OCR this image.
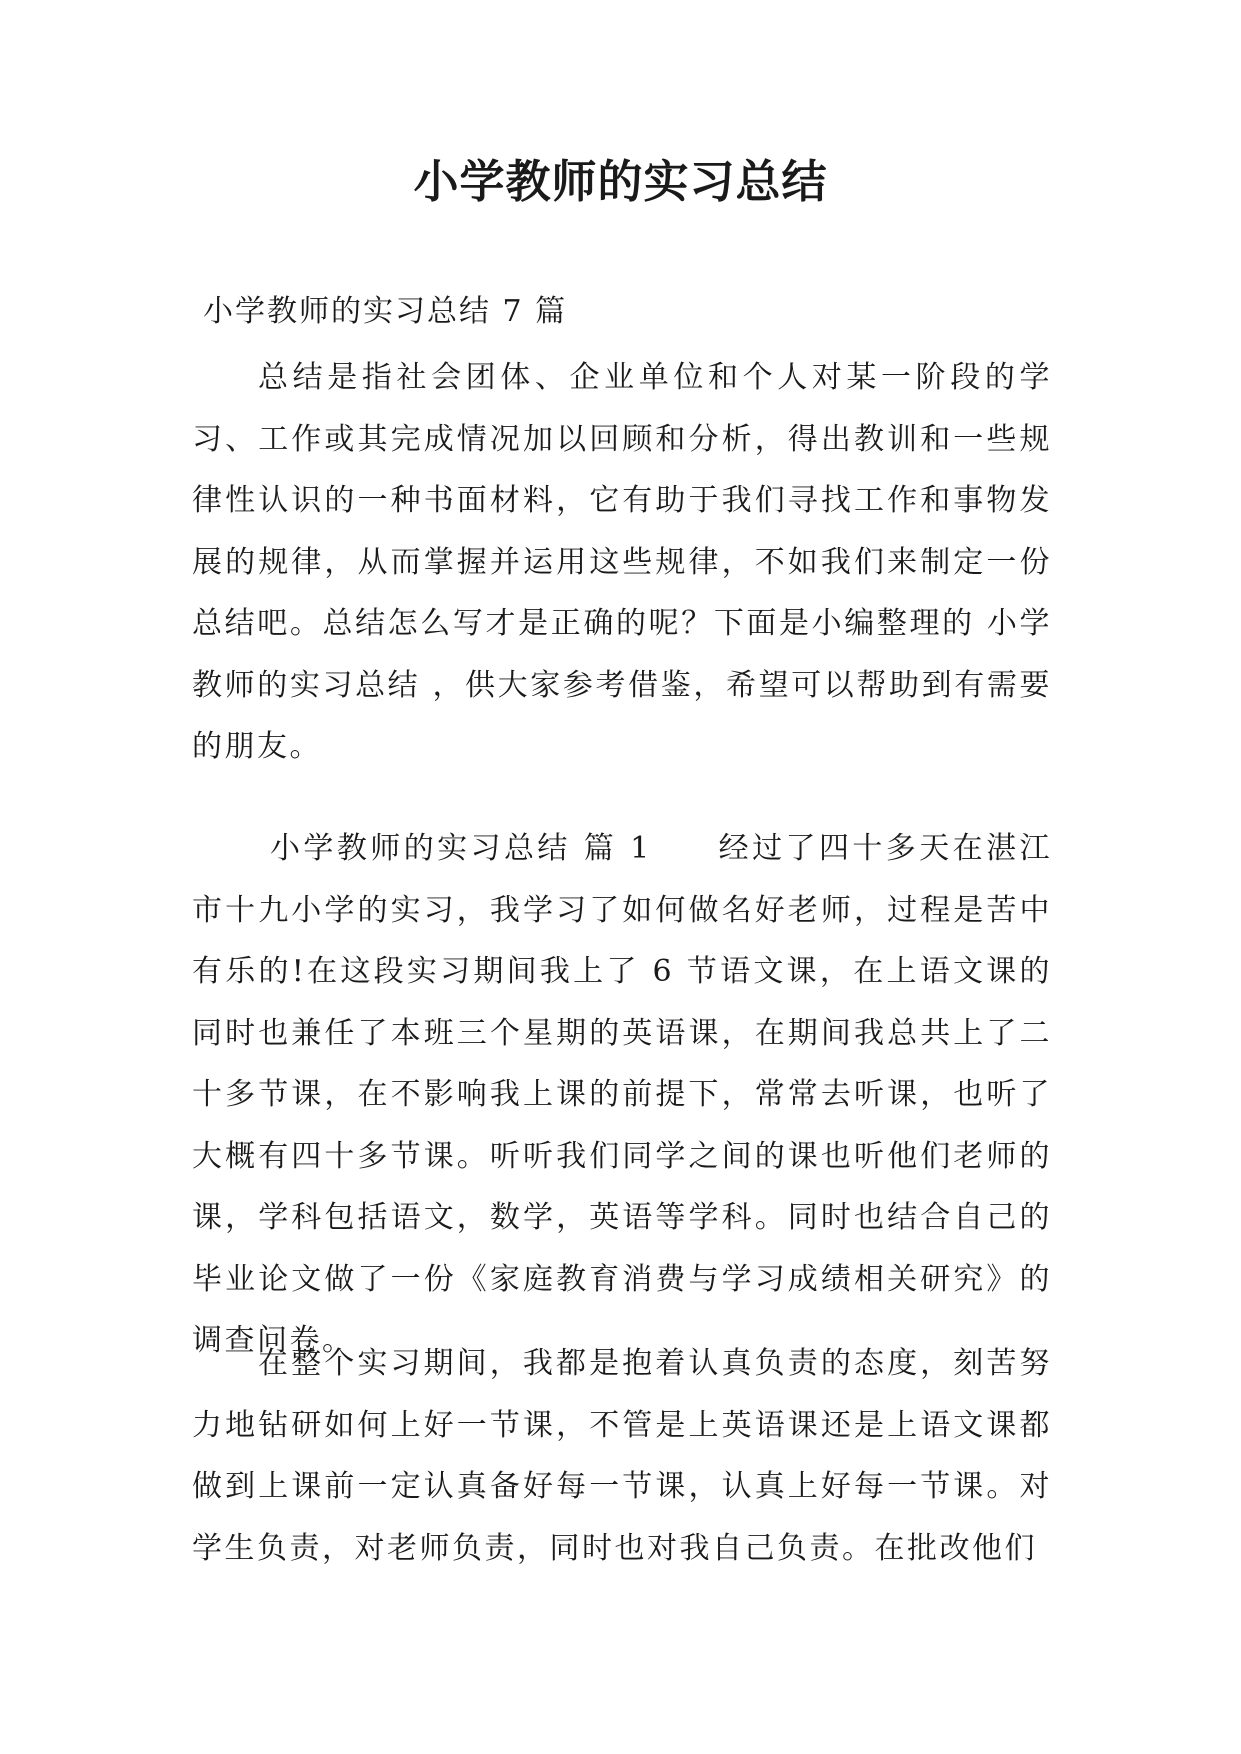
小学教师的实习总结

小学教师的实习总结 7 篇

总结是指社会团体、企业单位和个人对某一阶段的学习、工作或其完成情况加以回顾和分析，得出教训和一些规律性认识的一种书面材料，它有助于我们寻找工作和事物发展的规律，从而掌握并运用这些规律，不如我们来制定一份总结吧。总结怎么写才是正确的呢？下面是小编整理的 小学教师的实习总结 ，供大家参考借鉴，希望可以帮助到有需要的朋友。

小学教师的实习总结 篇 1 经过了四十多天在湛江市十九小学的实习，我学习了如何做名好老师，过程是苦中有乐的!在这段实习期间我上了 6 节语文课，在上语文课的同时也兼任了本班三个星期的英语课，在期间我总共上了二十多节课，在不影响我上课的前提下，常常去听课，也听了大概有四十多节课。听听我们同学之间的课也听他们老师的课，学科包括语文，数学，英语等学科。同时也结合自己的毕业论文做了一份《家庭教育消费与学习成绩相关研究》的调查问卷。

在整个实习期间，我都是抱着认真负责的态度，刻苦努力地钻研如何上好一节课，不管是上英语课还是上语文课都做到上课前一定认真备好每一节课，认真上好每一节课。对学生负责，对老师负责，同时也对我自己负责。在批改他们
